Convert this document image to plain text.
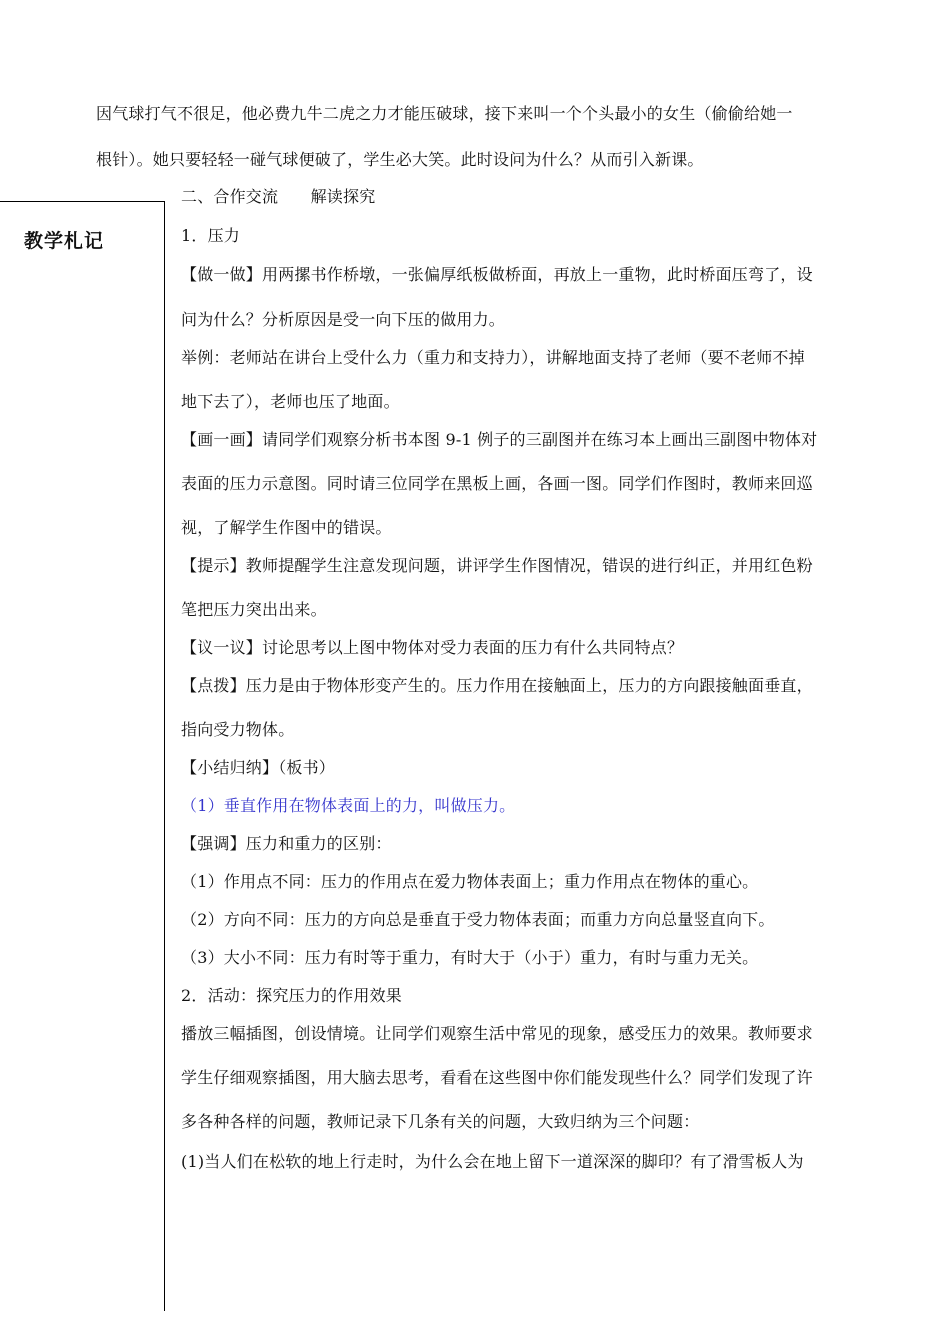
因气球打气不很足，他必费九牛二虎之力才能压破球，接下来叫一个个头最小的女生（偷偷给她一
根针）。她只要轻轻一碰气球便破了，学生必大笑。此时设问为什么？从而引入新课。
二、合作交流　　解读探究
教学札记	1．压力
【做一做】用两摞书作桥墩，一张偏厚纸板做桥面，再放上一重物，此时桥面压弯了，设
问为什么？分析原因是受一向下压的做用力。
举例：老师站在讲台上受什么力（重力和支持力），讲解地面支持了老师（要不老师不掉
地下去了），老师也压了地面。
【画一画】请同学们观察分析书本图 9-1 例子的三副图并在练习本上画出三副图中物体对
表面的压力示意图。同时请三位同学在黑板上画，各画一图。同学们作图时，教师来回巡
视，了解学生作图中的错误。
【提示】教师提醒学生注意发现问题，讲评学生作图情况，错误的进行纠正，并用红色粉
笔把压力突出出来。
【议一议】讨论思考以上图中物体对受力表面的压力有什么共同特点？
【点拨】压力是由于物体形变产生的。压力作用在接触面上，压力的方向跟接触面垂直，
指向受力物体。
【小结归纳】（板书）
（1）垂直作用在物体表面上的力，叫做压力。
【强调】压力和重力的区别：
（1）作用点不同：压力的作用点在爱力物体表面上；重力作用点在物体的重心。
（2）方向不同：压力的方向总是垂直于受力物体表面；而重力方向总量竖直向下。
（3）大小不同：压力有时等于重力，有时大于（小于）重力，有时与重力无关。
2．活动：探究压力的作用效果
播放三幅插图，创设情境。让同学们观察生活中常见的现象，感受压力的效果。教师要求
学生仔细观察插图，用大脑去思考，看看在这些图中你们能发现些什么？同学们发现了许
多各种各样的问题，教师记录下几条有关的问题，大致归纳为三个问题：
(1)当人们在松软的地上行走时，为什么会在地上留下一道深深的脚印？有了滑雪板人为
